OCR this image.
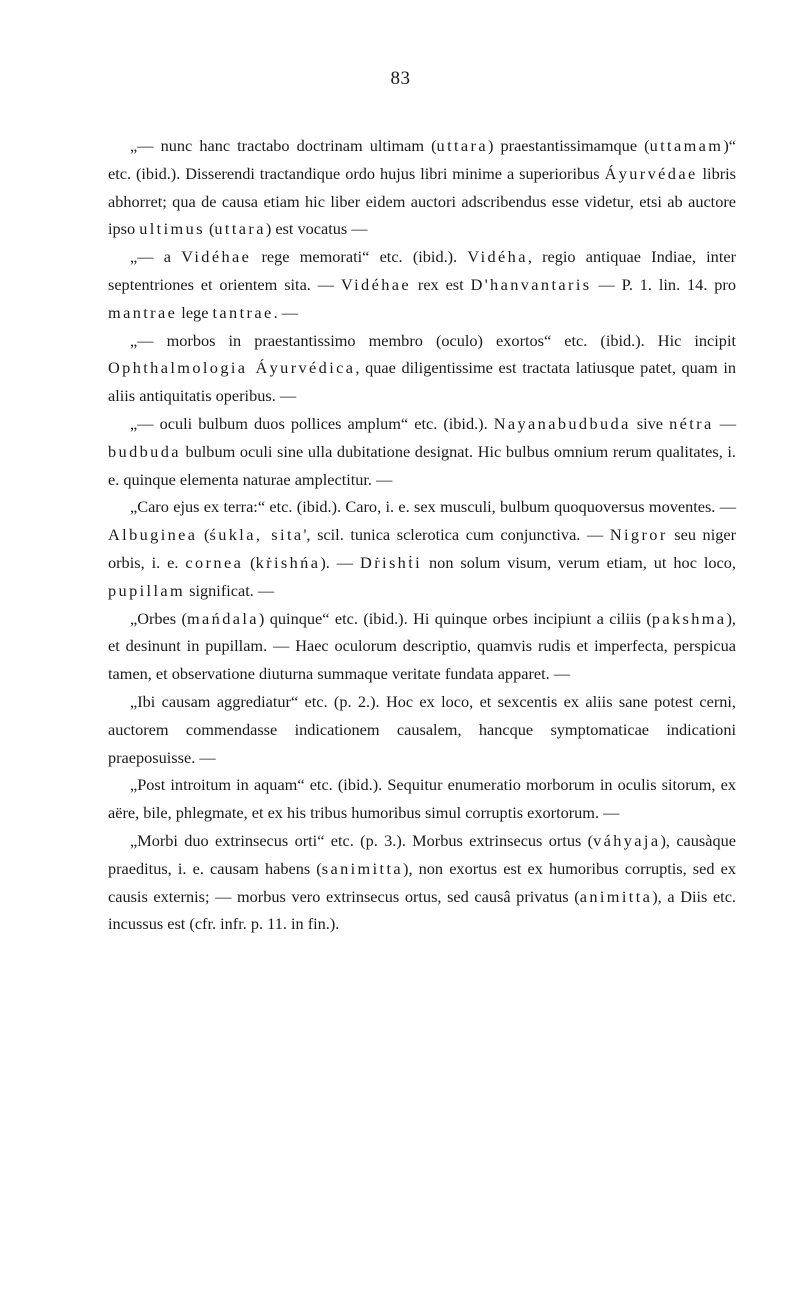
83

„— nunc hanc tractabo doctrinam ultimam (uttara) praestantissimamque (uttamam)“ etc. (ibid.). Disserendi tractandique ordo hujus libri minime a superioribus Áyurvédae libris abhorret; qua de causa etiam hic liber eidem auctori adscribendus esse videtur, etsi ab auctore ipso ultimus (uttara) est vocatus —

„— a Vidéhae rege memorati“ etc. (ibid.). Vidéha, regio antiquae Indiae, inter septentriones et orientem sita. — Vidéhae rex est D'hanvantaris — P. 1. lin. 14. pro mantrae lege tantrae. —

„— morbos in praestantissimo membro (oculo) exortos“ etc. (ibid.). Hic incipit Ophthalmologia Áyurvédica, quae diligentissime est tractata latiusque patet, quam in aliis antiquitatis operibus. —

„— oculi bulbum duos pollices amplum“ etc. (ibid.). Nayanabudbuda sive nétra — budbuda bulbum oculi sine ulla dubitatione designat. Hic bulbus omnium rerum qualitates, i. e. quinque elementa naturae amplectitur. —

„Caro ejus ex terra:“ etc. (ibid.). Caro, i. e. sex musculi, bulbum quoquoversus moventes. — Albuginea (śukla, sita', scil. tunica sclerotica cum conjunctiva. — Nigror seu niger orbis, i. e. cornea (kṙishńa). — Dṙishṫi non solum visum, verum etiam, ut hoc loco, pupillam significat. —

„Orbes (mańdala) quinque“ etc. (ibid.). Hi quinque orbes incipiunt a ciliis (pakshma), et desinunt in pupillam. — Haec oculorum descriptio, quamvis rudis et imperfecta, perspicua tamen, et observatione diuturna summaque veritate fundata apparet. —

„Ibi causam aggrediatur“ etc. (p. 2.). Hoc ex loco, et sexcentis ex aliis sane potest cerni, auctorem commendasse indicationem causalem, hancque symptomaticae indicationi praeposuisse. —

„Post introitum in aquam“ etc. (ibid.). Sequitur enumeratio morborum in oculis sitorum, ex aëre, bile, phlegmate, et ex his tribus humoribus simul corruptis exortorum. —

„Morbi duo extrinsecus orti“ etc. (p. 3.). Morbus extrinsecus ortus (váhyaja), causàque praeditus, i. e. causam habens (sanimitta), non exortus est ex humoribus corruptis, sed ex causis externis; — morbus vero extrinsecus ortus, sed causâ privatus (animitta), a Diis etc. incussus est (cfr. infr. p. 11. in fin.).
